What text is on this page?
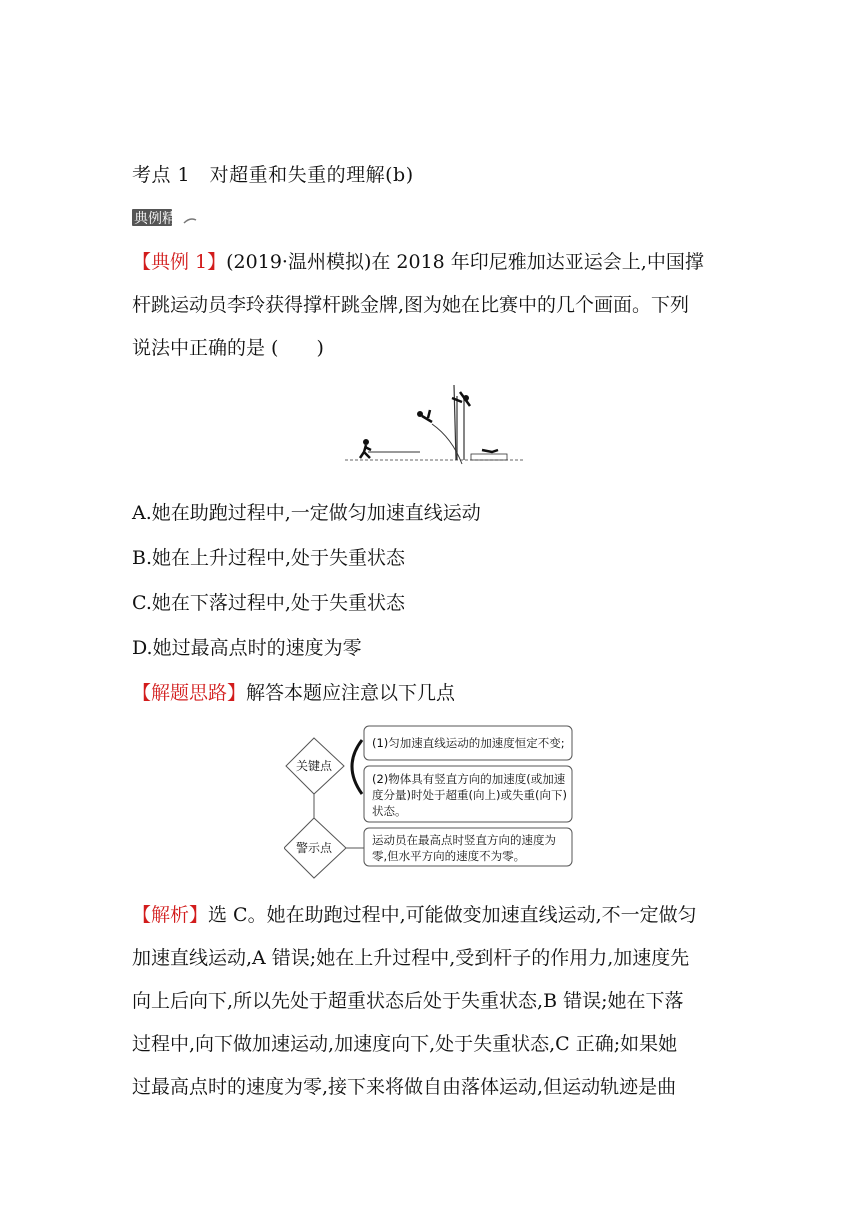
考点 1　对超重和失重的理解(b)
典例精研
【典例 1】(2019·温州模拟)在 2018 年印尼雅加达亚运会上,中国撑
杆跳运动员李玲获得撑杆跳金牌,图为她在比赛中的几个画面。下列
说法中正确的是 (　　)
A.她在助跑过程中,一定做匀加速直线运动
B.她在上升过程中,处于失重状态
C.她在下落过程中,处于失重状态
D.她过最高点时的速度为零
【解题思路】解答本题应注意以下几点
关键点
警示点
(1)匀加速直线运动的加速度恒定不变;
(2)物体具有竖直方向的加速度(或加速
度分量)时处于超重(向上)或失重(向下)
状态。
运动员在最高点时竖直方向的速度为
零,但水平方向的速度不为零。
【解析】选 C。她在助跑过程中,可能做变加速直线运动,不一定做匀
加速直线运动,A 错误;她在上升过程中,受到杆子的作用力,加速度先
向上后向下,所以先处于超重状态后处于失重状态,B 错误;她在下落
过程中,向下做加速运动,加速度向下,处于失重状态,C 正确;如果她
过最高点时的速度为零,接下来将做自由落体运动,但运动轨迹是曲
